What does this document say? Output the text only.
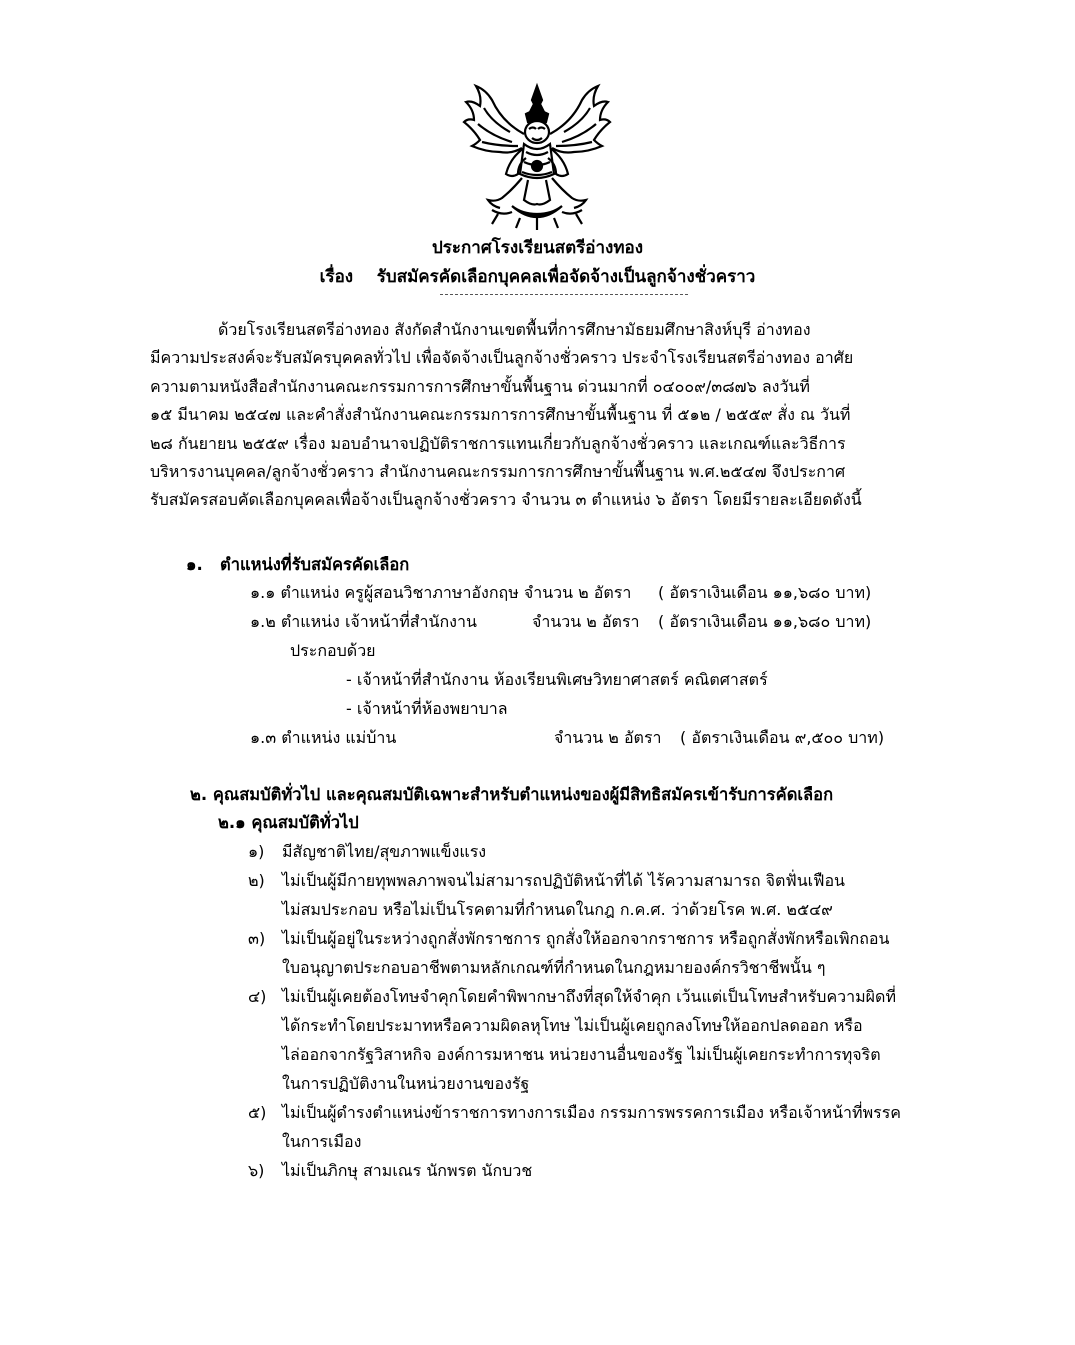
ประกาศโรงเรียนสตรีอ่างทอง
เรื่อง รับสมัครคัดเลือกบุคคลเพื่อจัดจ้างเป็นลูกจ้างชั่วคราว
ด้วยโรงเรียนสตรีอ่างทอง สังกัดสำนักงานเขตพื้นที่การศึกษามัธยมศึกษาสิงห์บุรี อ่างทอง
มีความประสงค์จะรับสมัครบุคคลทั่วไป เพื่อจัดจ้างเป็นลูกจ้างชั่วคราว ประจำโรงเรียนสตรีอ่างทอง อาศัย
ความตามหนังสือสำนักงานคณะกรรมการการศึกษาขั้นพื้นฐาน ด่วนมากที่ ๐๔๐๐๙/๓๘๗๖ ลงวันที่
๑๕ มีนาคม ๒๕๔๗ และคำสั่งสำนักงานคณะกรรมการการศึกษาขั้นพื้นฐาน ที่ ๕๑๒ / ๒๕๕๙ สั่ง ณ วันที่
๒๘ กันยายน ๒๕๕๙ เรื่อง มอบอำนาจปฏิบัติราชการแทนเกี่ยวกับลูกจ้างชั่วคราว และเกณฑ์และวิธีการ
บริหารงานบุคคล/ลูกจ้างชั่วคราว สำนักงานคณะกรรมการการศึกษาขั้นพื้นฐาน พ.ศ.๒๕๔๗ จึงประกาศ
รับสมัครสอบคัดเลือกบุคคลเพื่อจ้างเป็นลูกจ้างชั่วคราว จำนวน ๓ ตำแหน่ง ๖ อัตรา โดยมีรายละเอียดดังนี้
๑. ตำแหน่งที่รับสมัครคัดเลือก
๑.๑ ตำแหน่ง ครูผู้สอนวิชาภาษาอังกฤษ จำนวน ๒ อัตรา ( อัตราเงินเดือน ๑๑,๖๘๐ บาท)
๑.๒ ตำแหน่ง เจ้าหน้าที่สำนักงาน	จำนวน ๒ อัตรา ( อัตราเงินเดือน ๑๑,๖๘๐ บาท)
ประกอบด้วย
- เจ้าหน้าที่สำนักงาน ห้องเรียนพิเศษวิทยาศาสตร์ คณิตศาสตร์
- เจ้าหน้าที่ห้องพยาบาล
๑.๓ ตำแหน่ง แม่บ้าน	จำนวน ๒ อัตรา ( อัตราเงินเดือน ๙,๕๐๐ บาท)
๒. คุณสมบัติทั่วไป และคุณสมบัติเฉพาะสำหรับตำแหน่งของผู้มีสิทธิสมัครเข้ารับการคัดเลือก
๒.๑ คุณสมบัติทั่วไป
๑) มีสัญชาติไทย/สุขภาพแข็งแรง
๒) ไม่เป็นผู้มีกายทุพพลภาพจนไม่สามารถปฏิบัติหน้าที่ได้ ไร้ความสามารถ จิตฟั่นเฟือน
ไม่สมประกอบ หรือไม่เป็นโรคตามที่กำหนดในกฎ ก.ค.ศ. ว่าด้วยโรค พ.ศ. ๒๕๔๙
๓) ไม่เป็นผู้อยู่ในระหว่างถูกสั่งพักราชการ ถูกสั่งให้ออกจากราชการ หรือถูกสั่งพักหรือเพิกถอน
ใบอนุญาตประกอบอาชีพตามหลักเกณฑ์ที่กำหนดในกฎหมายองค์กรวิชาชีพนั้น ๆ
๔) ไม่เป็นผู้เคยต้องโทษจำคุกโดยคำพิพากษาถึงที่สุดให้จำคุก เว้นแต่เป็นโทษสำหรับความผิดที่
ได้กระทำโดยประมาทหรือความผิดลหุโทษ ไม่เป็นผู้เคยถูกลงโทษให้ออกปลดออก หรือ
ไล่ออกจากรัฐวิสาหกิจ องค์การมหาชน หน่วยงานอื่นของรัฐ ไม่เป็นผู้เคยกระทำการทุจริต
ในการปฏิบัติงานในหน่วยงานของรัฐ
๕) ไม่เป็นผู้ดำรงตำแหน่งข้าราชการทางการเมือง กรรมการพรรคการเมือง หรือเจ้าหน้าที่พรรค
ในการเมือง
๖) ไม่เป็นภิกษุ สามเณร นักพรต นักบวช
